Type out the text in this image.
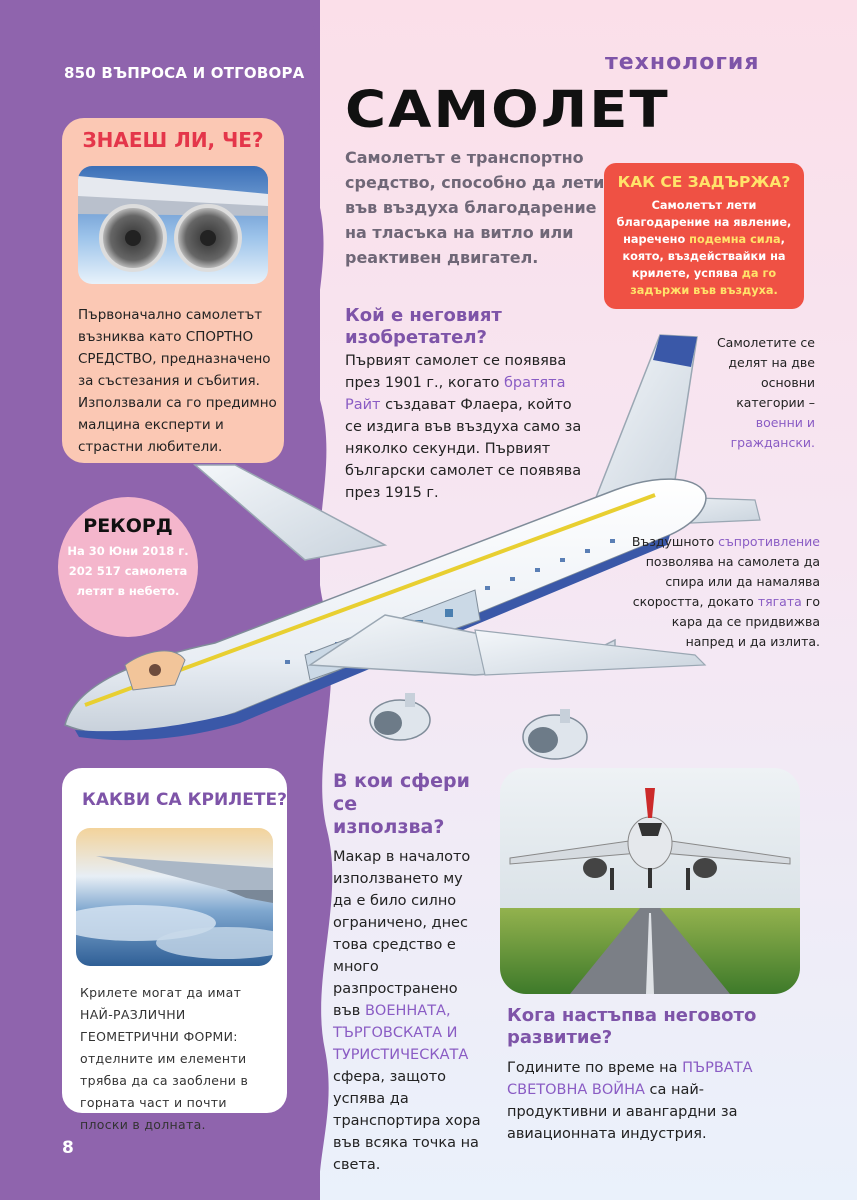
850 ВЪПРОСА И ОТГОВОРА	технология
САМОЛЕТ
Самолетът е транспортно средство, способно да лети във въздуха благодарение на тласъка на витло или реактивен двигател.
ЗНАЕШ ЛИ, ЧЕ?
Първоначално самолетът възниква като СПОРТНО СРЕДСТВО, предназначено за състезания и събития. Използвали са го предимно малцина експерти и страстни любители.
РЕКОРД

На 30 Юни 2018 г. 202 517 самолета летят в небето.

Кой е неговият изобретател?
Първият самолет се появява през 1901 г., когато братята Райт създават Флаера, който се издига във въздуха само за няколко секунди. Първият български самолет се появява през 1915 г.
КАК СЕ ЗАДЪРЖА?

Самолетът лети благодарение на явление, наречено подемна сила, която, въздействайки на крилете, успява да го задържи във въздуха.

Самолетите се делят на две основни категории – военни и граждански.
Въздушното съпротивление позволява на самолета да спира или да намалява скоростта, докато тягата го кара да се придвижва напред и да излита.
КАКВИ СА КРИЛЕТЕ?
Крилете могат да имат НАЙ-РАЗЛИЧНИ ГЕОМЕТРИЧНИ ФОРМИ: отделните им елементи трябва да са заоблени в горната част и почти плоски в долната.
В кои сфери се използва?
Макар в началото използването му да е било силно ограничено, днес това средство е много разпространено във ВОЕННАТА, ТЪРГОВСКАТА И ТУРИСТИЧЕСКАТА сфера, защото успява да транспортира хора във всяка точка на света.
Кога настъпва неговото развитие?
Годините по време на ПЪРВАТА СВЕТОВНА ВОЙНА са най-продуктивни и авангардни за авиационната индустрия.
8
